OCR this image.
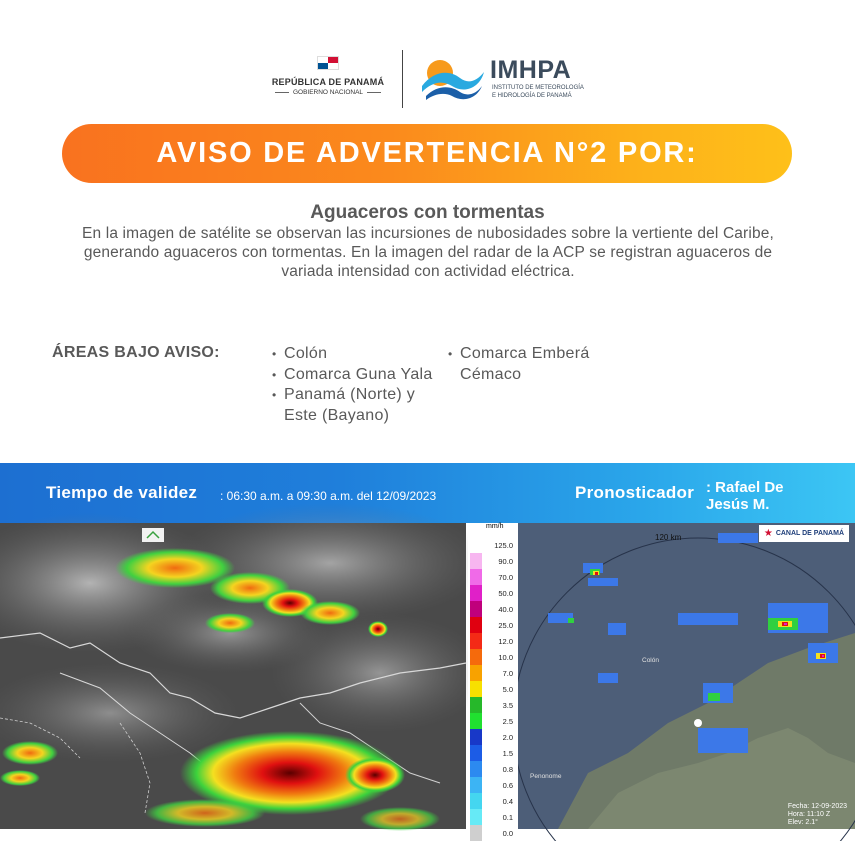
REPÚBLICA DE PANAMÁ
GOBIERNO NACIONAL
IMHPA
INSTITUTO DE METEOROLOGÍA
E HIDROLOGÍA DE PANAMÁ
AVISO DE ADVERTENCIA N°2 POR:
Aguaceros con tormentas
En la imagen de satélite se observan las incursiones de nubosidades sobre la vertiente del Caribe, generando aguaceros con tormentas. En la imagen del radar de la ACP se registran aguaceros de variada intensidad con actividad eléctrica.
ÁREAS BAJO AVISO:
•	Colón
• Comarca Guna Yala
• Panamá (Norte) y Este (Bayano)
• Comarca Emberá Cémaco
Tiempo de validez : 06:30 a.m. a 09:30 a.m. del 12/09/2023	Pronosticador : Rafael De Jesús M.
mm/h
125.0
90.0
70.0
50.0
40.0
25.0
12.0
10.0
7.0
5.0
3.5
2.5
2.0
1.5
0.8
0.6
0.4
0.1
0.0
120 km	★ CANAL DE PANAMÁ
Colón
Penonome
Fecha: 12-09-2023
Hora: 11:10 Z
Elev: 2.1°
